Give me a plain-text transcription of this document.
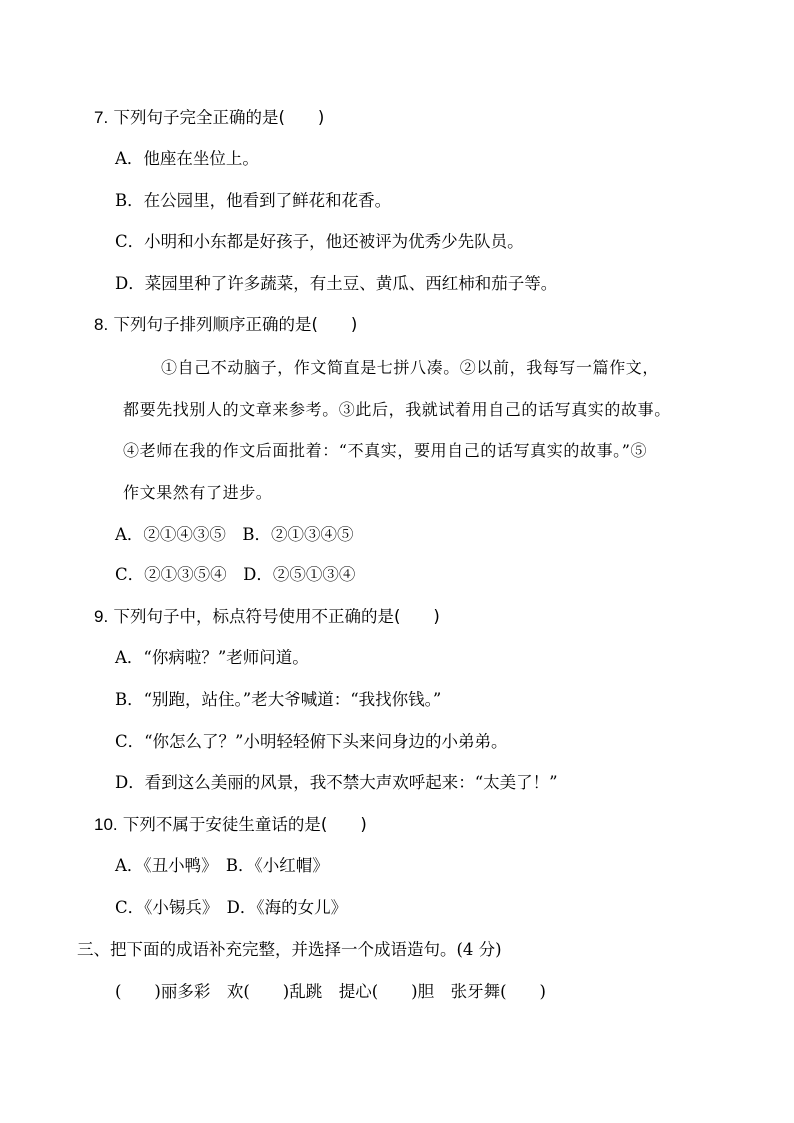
7. 下列句子完全正确的是(　　)
A．他座在坐位上。
B．在公园里，他看到了鲜花和花香。
C．小明和小东都是好孩子，他还被评为优秀少先队员。
D．菜园里种了许多蔬菜，有土豆、黄瓜、西红柿和茄子等。
8. 下列句子排列顺序正确的是(　　)
①自己不动脑子，作文简直是七拼八凑。②以前，我每写一篇作文，
都要先找别人的文章来参考。③此后，我就试着用自己的话写真实的故事。
④老师在我的作文后面批着：“不真实，要用自己的话写真实的故事。”⑤
作文果然有了进步。
A．②①④③⑤　B．②①③④⑤
C．②①③⑤④　D．②⑤①③④
9. 下列句子中，标点符号使用不正确的是(　　)
A．“你病啦？”老师问道。
B．“别跑，站住。”老大爷喊道：“我找你钱。”
C．“你怎么了？”小明轻轻俯下头来问身边的小弟弟。
D．看到这么美丽的风景，我不禁大声欢呼起来：“太美了！”
10. 下列不属于安徒生童话的是(　　)
A．《丑小鸭》　B．《小红帽》
C．《小锡兵》　D．《海的女儿》
三、把下面的成语补充完整，并选择一个成语造句。(4 分)
(　　)丽多彩　欢(　　)乱跳　提心(　　)胆　张牙舞(　　)
